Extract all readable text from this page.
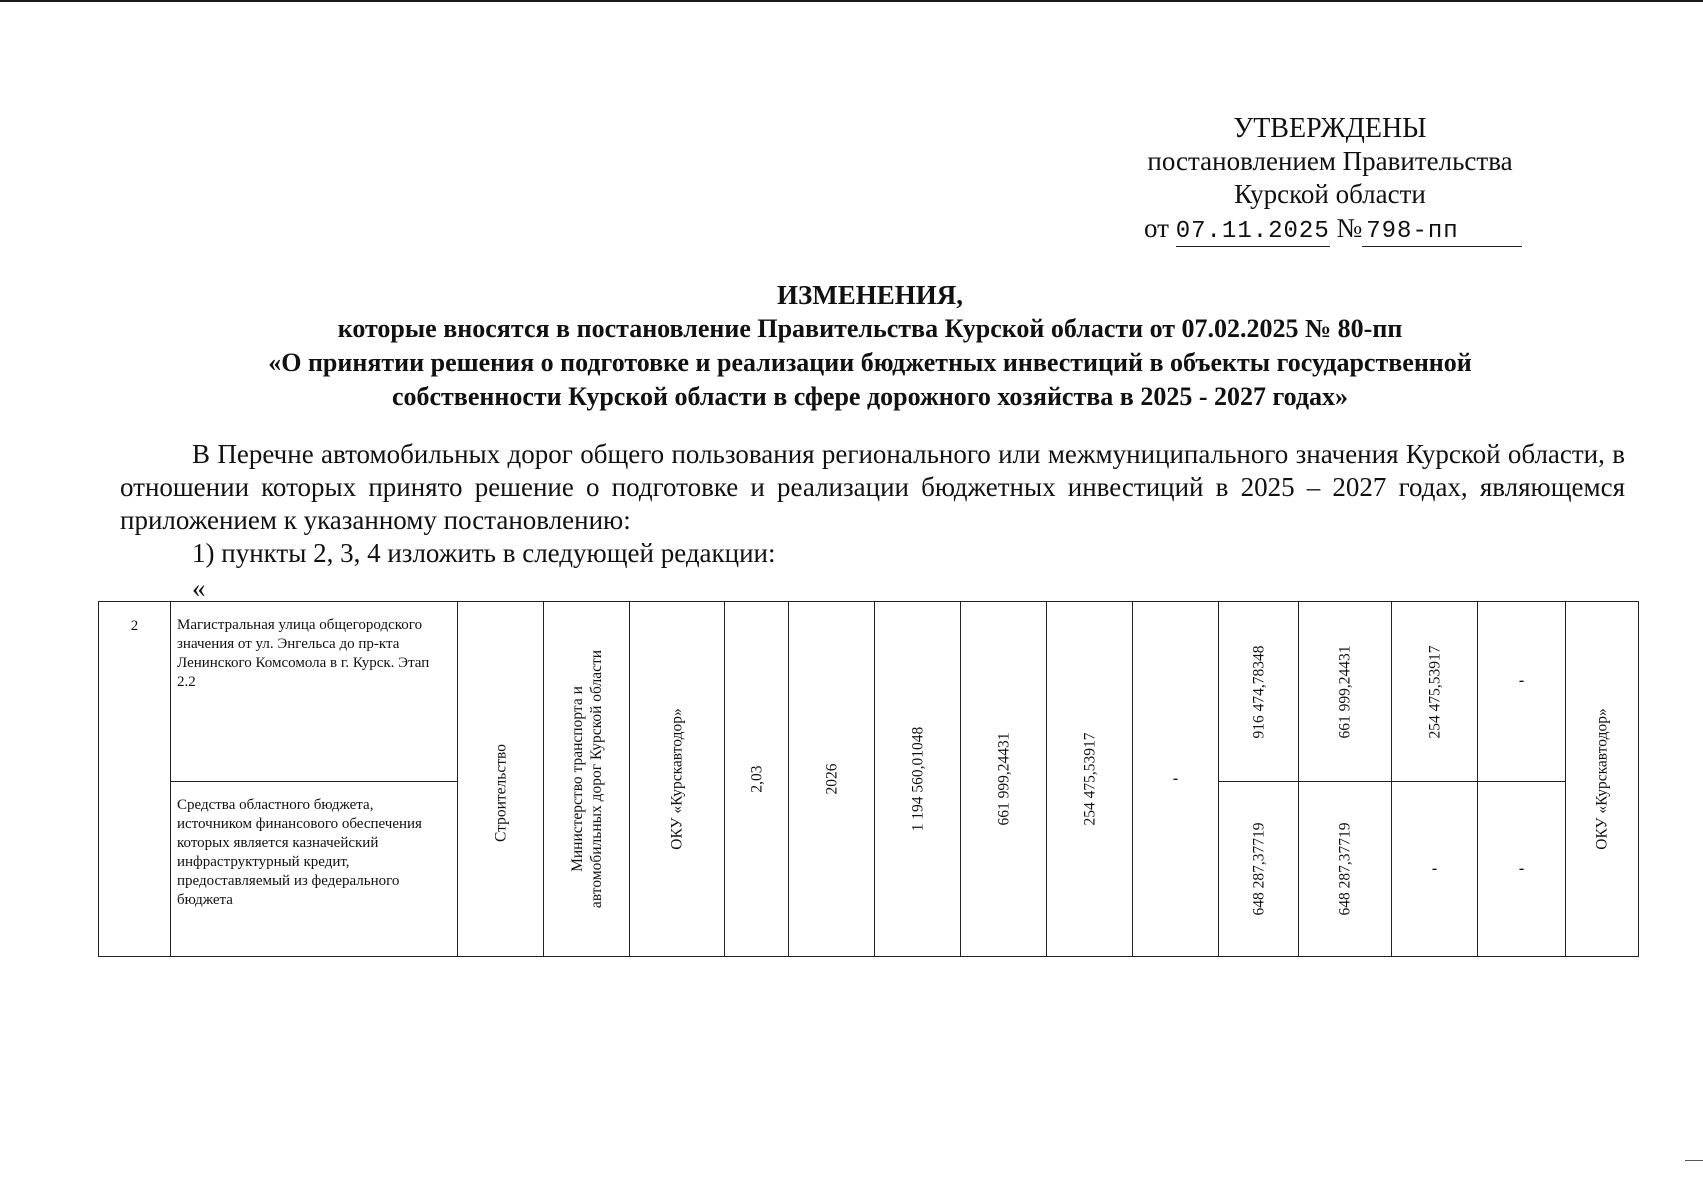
УТВЕРЖДЕНЫ
постановлением Правительства
Курской области
от 07.11.2025 № 798-пп
ИЗМЕНЕНИЯ,
которые вносятся в постановление Правительства Курской области от 07.02.2025 № 80-пп
«О принятии решения о подготовке и реализации бюджетных инвестиций в объекты государственной
собственности Курской области в сфере дорожного хозяйства в 2025 - 2027 годах»

В Перечне автомобильных дорог общего пользования регионального или межмуниципального значения Курской области, в отношении которых принято решение о подготовке и реализации бюджетных инвестиций в 2025 – 2027 годах, являющемся приложением к указанному постановлению:

1) пункты 2, 3, 4 изложить в следующей редакции:

«
2	Магистральная улица общегородского значения от ул. Энгельса до пр-кта Ленинского Комсомола в г. Курск. Этап 2.2	Строительство	Министерство транспорта и автомобильных дорог Курской области	ОКУ «Курскавтодор»	2,03	2026	1 194 560,01048	661 999,24431	254 475,53917	-	916 474,78348	661 999,24431	254 475,53917	-	ОКУ «Курскавтодор»

	Средства областного бюджета, источником финансового обеспечения которых является казначейский инфраструктурный кредит, предоставляемый из федерального бюджета										648 287,37719	648 287,37719	-	-	
